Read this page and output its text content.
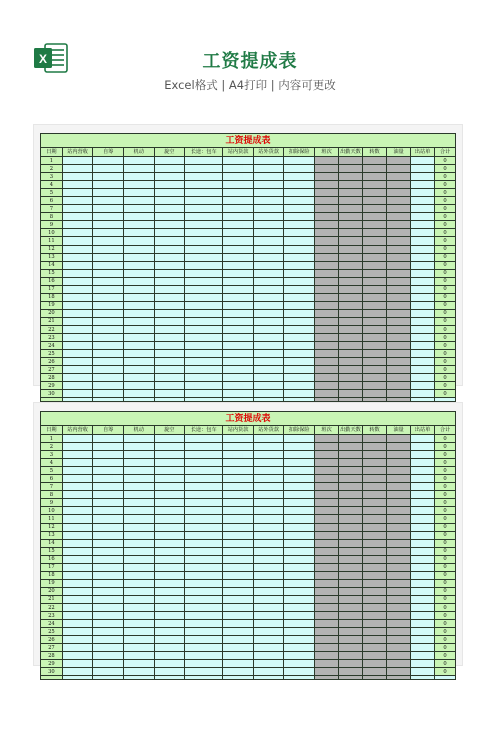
X	工资提成表
Excel格式 | A4打印 | 内容可更改
工资提成表														
日期	站内营收	自筹	机动	旋空	长途：包车	站内货款	站外货款	扣除保险	班次	出勤天数	转数	油量	出站单	合计
1														0
2														0
3														0
4														0
5														0
6														0
7														0
8														0
9														0
10														0
11														0
12														0
13														0
14														0
15														0
16														0
17														0
18														0
19														0
20														0
21														0
22														0
23														0
24														0
25														0
26														0
27														0
28														0
29														0
30														0

工资提成表														
日期	站内营收	自筹	机动	旋空	长途：包车	站内货款	站外货款	扣除保险	班次	出勤天数	转数	油量	出站单	合计
1														0
2														0
3														0
4														0
5														0
6														0
7														0
8														0
9														0
10														0
11														0
12														0
13														0
14														0
15														0
16														0
17														0
18														0
19														0
20														0
21														0
22														0
23														0
24														0
25														0
26														0
27														0
28														0
29														0
30														0
